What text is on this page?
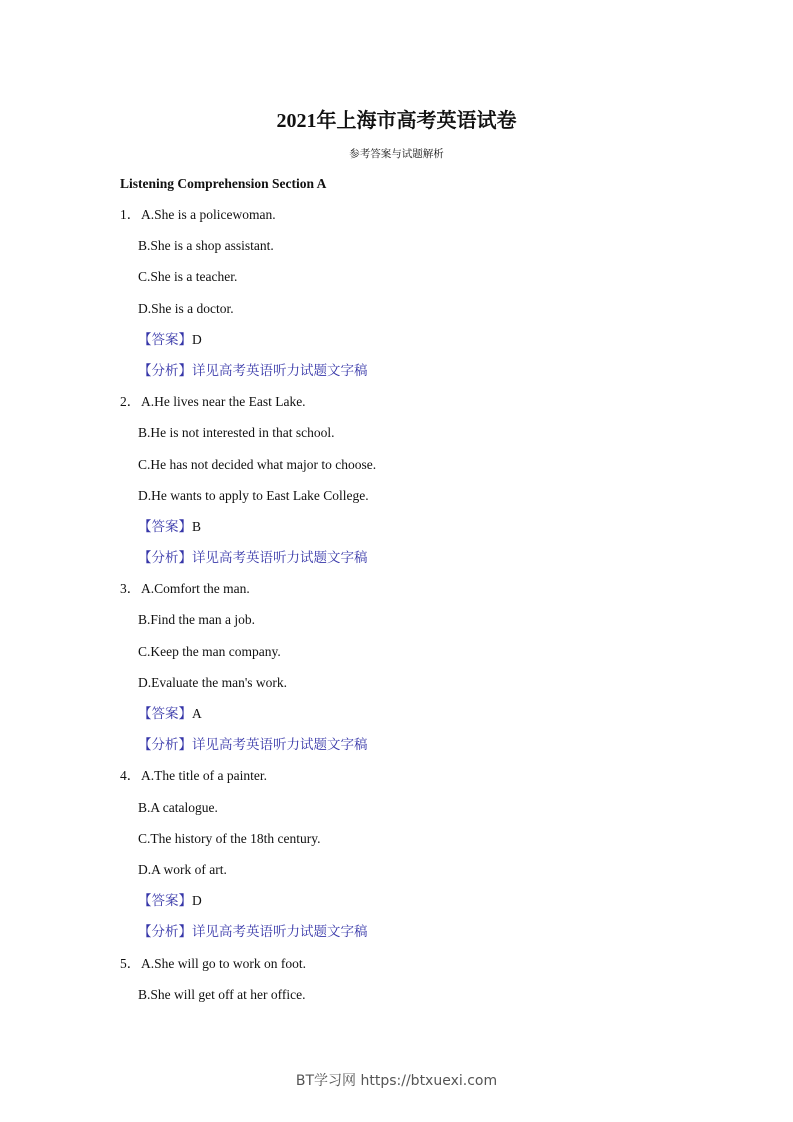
2021年上海市高考英语试卷
参考答案与试题解析
Listening Comprehension Section A
1． A.She is a policewoman.
B.She is a shop assistant.
C.She is a teacher.
D.She is a doctor.
【答案】D
【分析】详见高考英语听力试题文字稿
2． A.He lives near the East Lake.
B.He is not interested in that school.
C.He has not decided what major to choose.
D.He wants to apply to East Lake College.
【答案】B
【分析】详见高考英语听力试题文字稿
3． A.Comfort the man.
B.Find the man a job.
C.Keep the man company.
D.Evaluate the man's work.
【答案】A
【分析】详见高考英语听力试题文字稿
4． A.The title of a painter.
B.A catalogue.
C.The history of the 18th century.
D.A work of art.
【答案】D
【分析】详见高考英语听力试题文字稿
5． A.She will go to work on foot.
B.She will get off at her office.
BT学习网 https://btxuexi.com
